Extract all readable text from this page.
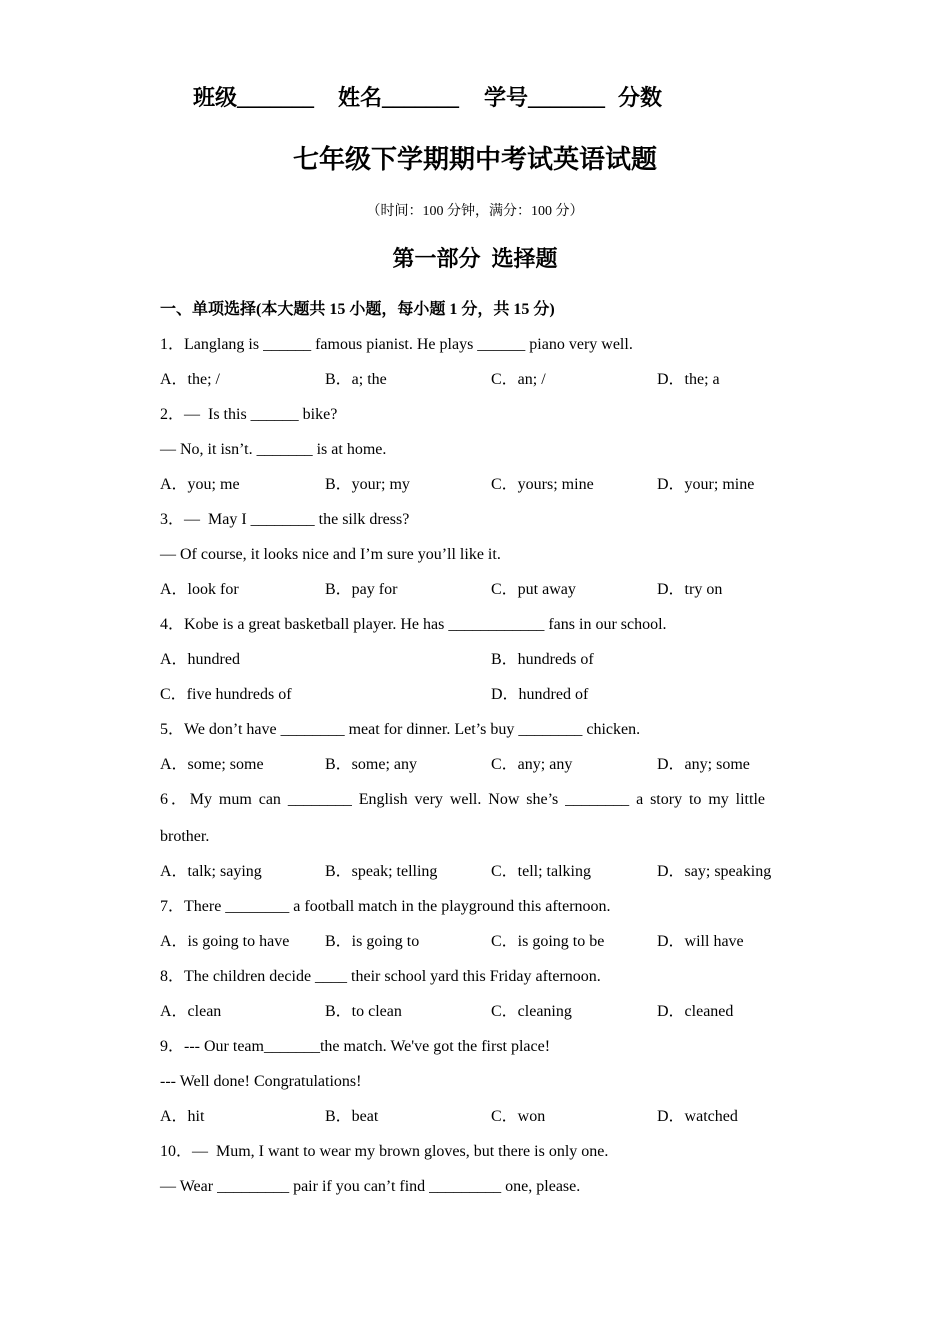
班级_______ 姓名_______ 学号_______ 分数
七年级下学期期中考试英语试题
（时间：100 分钟，满分：100 分）
第一部分  选择题
一、单项选择(本大题共 15 小题，每小题 1 分，共 15 分)
1．Langlang is ______ famous pianist. He plays ______ piano very well.
A．the; /	B．a; the	C．an; /	D．the; a
2．—  Is this ______ bike?
— No, it isn’t. _______ is at home.
A．you; me	B．your; my	C．yours; mine	D．your; mine
3．—  May I ________ the silk dress?
— Of course, it looks nice and I’m sure you’ll like it.
A．look for	B．pay for	C．put away	D．try on
4．Kobe is a great basketball player. He has ____________ fans in our school.
A．hundred	B．hundreds of
C．five hundreds of	D．hundred of
5．We don’t have ________ meat for dinner. Let’s buy ________ chicken.
A．some; some	B．some; any	C．any; any	D．any; some
6．My mum can ________ English very well. Now she’s ________ a story to my little
brother.
A．talk; saying	B．speak; telling	C．tell; talking	D．say; speaking
7．There ________ a football match in the playground this afternoon.
A．is going to have B．is going to	C．is going to be	D．will have
8．The children decide ____ their school yard this Friday afternoon.
A．clean	B．to clean	C．cleaning	D．cleaned
9．--- Our team_______the match. We've got the first place!
--- Well done! Congratulations!
A．hit	B．beat	C．won	D．watched
10．—  Mum, I want to wear my brown gloves, but there is only one.
— Wear _________ pair if you can’t find _________ one, please.
